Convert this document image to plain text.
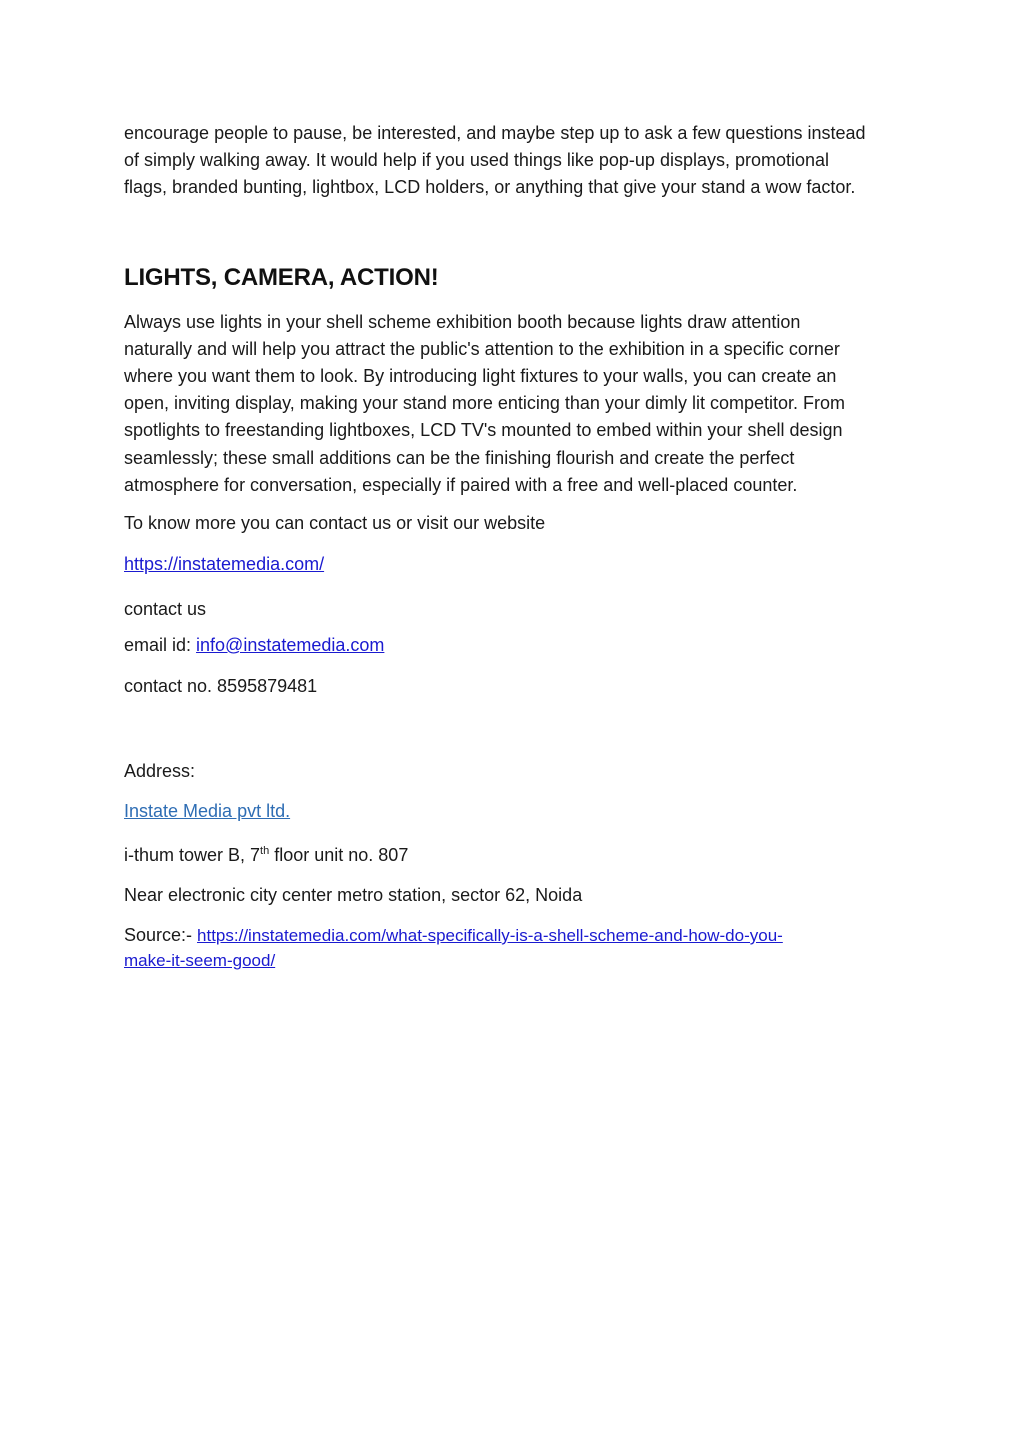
encourage people to pause, be interested, and maybe step up to ask a few questions instead

of simply walking away. It would help if you used things like pop-up displays, promotional

flags, branded bunting, lightbox, LCD holders, or anything that give your stand a wow factor.

LIGHTS, CAMERA, ACTION!

Always use lights in your shell scheme exhibition booth because lights draw attention

naturally and will help you attract the public's attention to the exhibition in a specific corner

where you want them to look. By introducing light fixtures to your walls, you can create an

open, inviting display, making your stand more enticing than your dimly lit competitor. From

spotlights to freestanding lightboxes, LCD TV's mounted to embed within your shell design

seamlessly; these small additions can be the finishing flourish and create the perfect

atmosphere for conversation, especially if paired with a free and well-placed counter.

To know more you can contact us or visit our website

https://instatemedia.com/

contact us

email id: info@instatemedia.com

contact no. 8595879481

Address:

Instate Media pvt ltd.

i-thum tower B, 7th floor unit no. 807

Near electronic city center metro station, sector 62, Noida

Source:- https://instatemedia.com/what-specifically-is-a-shell-scheme-and-how-do-you-
make-it-seem-good/
